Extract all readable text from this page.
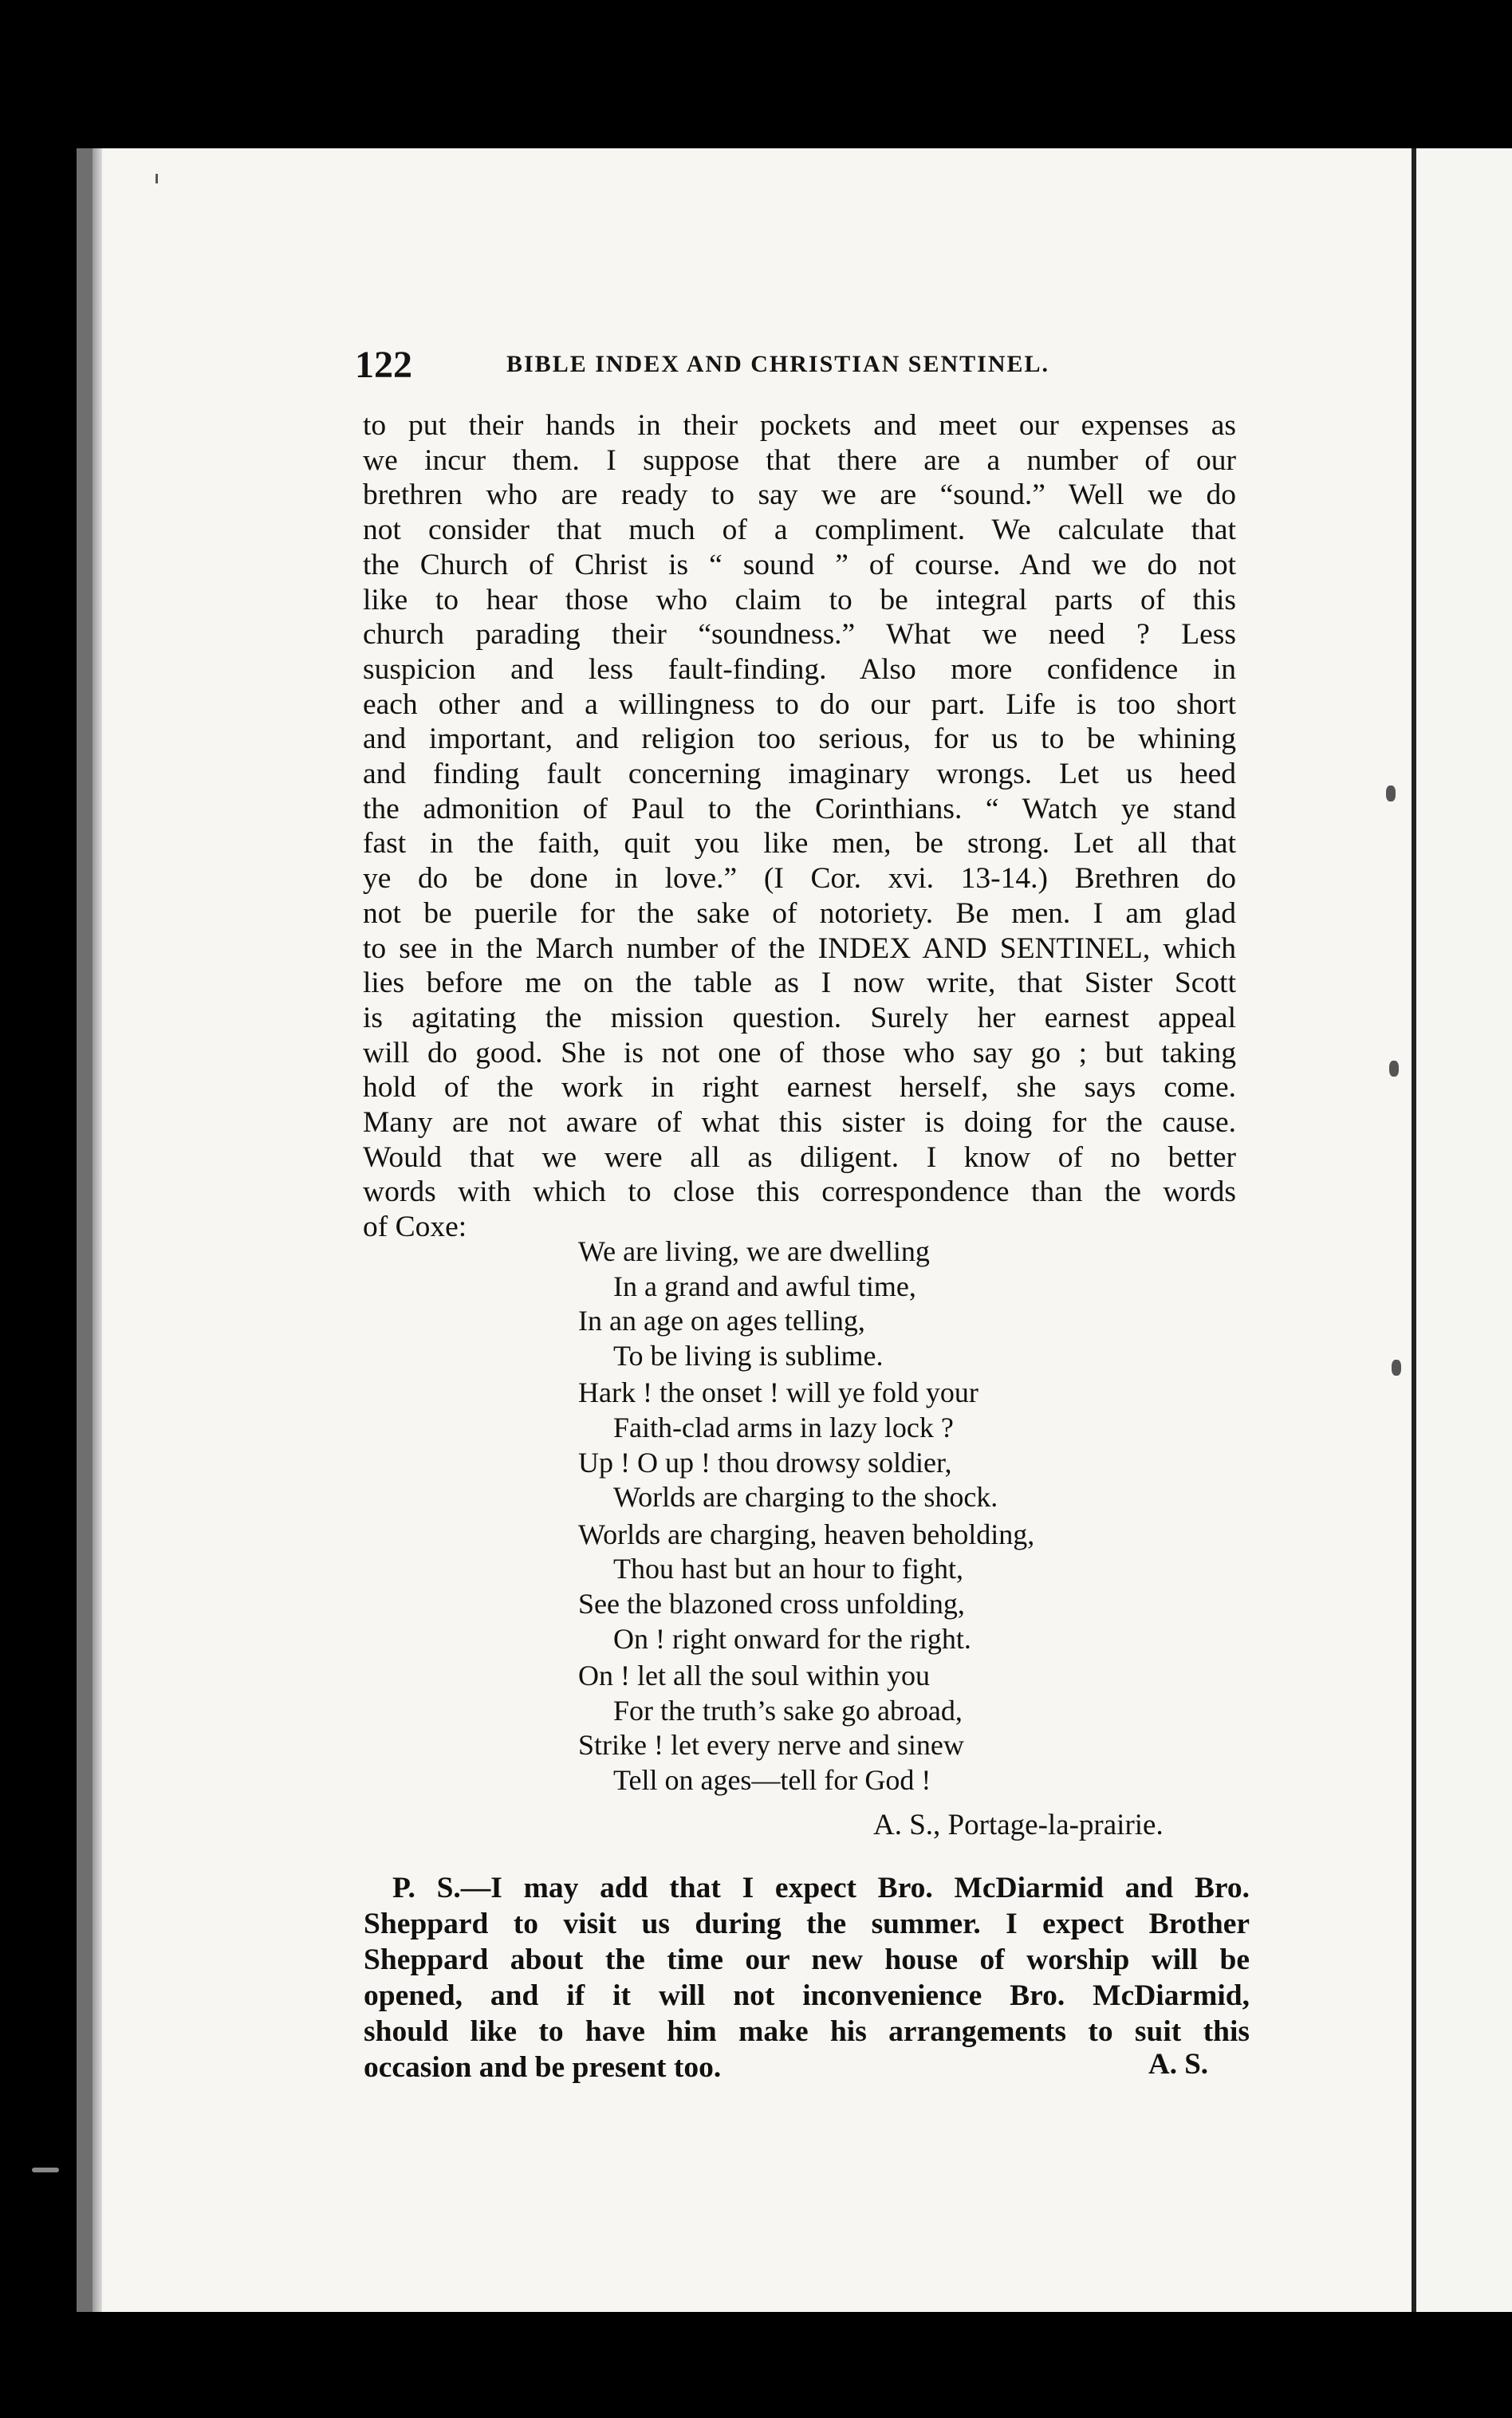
122	BIBLE INDEX AND CHRISTIAN SENTINEL.
to put their hands in their pockets and meet our expenses as
we incur them. I suppose that there are a number of our
brethren who are ready to say we are “sound.” Well we do
not consider that much of a compliment. We calculate that
the Church of Christ is “ sound ” of course. And we do not
like to hear those who claim to be integral parts of this
church parading their “soundness.” What we need ? Less
suspicion and less fault-finding. Also more confidence in
each other and a willingness to do our part. Life is too short
and important, and religion too serious, for us to be whining
and finding fault concerning imaginary wrongs. Let us heed
the admonition of Paul to the Corinthians. “ Watch ye stand
fast in the faith, quit you like men, be strong. Let all that
ye do be done in love.” (I Cor. xvi. 13-14.) Brethren do
not be puerile for the sake of notoriety. Be men. I am glad
to see in the March number of the INDEX AND SENTINEL, which
lies before me on the table as I now write, that Sister Scott
is agitating the mission question. Surely her earnest appeal
will do good. She is not one of those who say go ; but taking
hold of the work in right earnest herself, she says come.
Many are not aware of what this sister is doing for the cause.
Would that we were all as diligent. I know of no better
words with which to close this correspondence than the words
of Coxe:
We are living, we are dwelling
In a grand and awful time,
In an age on ages telling,
To be living is sublime.
Hark ! the onset ! will ye fold your
Faith-clad arms in lazy lock ?
Up ! O up ! thou drowsy soldier,
Worlds are charging to the shock.
Worlds are charging, heaven beholding,
Thou hast but an hour to fight,
See the blazoned cross unfolding,
On ! right onward for the right.
On ! let all the soul within you
For the truth’s sake go abroad,
Strike ! let every nerve and sinew
Tell on ages—tell for God !
A. S., Portage-la-prairie.
P. S.—I may add that I expect Bro. McDiarmid and Bro.
Sheppard to visit us during the summer. I expect Brother
Sheppard about the time our new house of worship will be
opened, and if it will not inconvenience Bro. McDiarmid,
should like to have him make his arrangements to suit this
occasion and be present too.	A. S.
